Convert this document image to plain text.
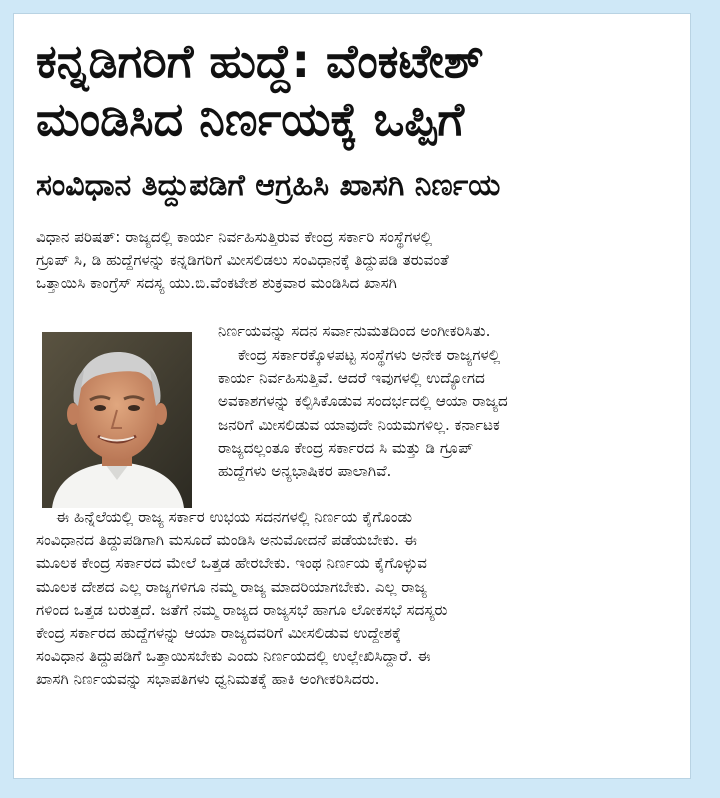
ಕನ್ನಡಿಗರಿಗೆ ಹುದ್ದೆ: ವೆಂಕಟೇಶ್
ಮಂಡಿಸಿದ ನಿರ್ಣಯಕ್ಕೆ ಒಪ್ಪಿಗೆ
ಸಂವಿಧಾನ ತಿದ್ದುಪಡಿಗೆ ಆಗ್ರಹಿಸಿ ಖಾಸಗಿ ನಿರ್ಣಯ
ವಿಧಾನ ಪರಿಷತ್: ರಾಜ್ಯದಲ್ಲಿ ಕಾರ್ಯ ನಿರ್ವಹಿಸುತ್ತಿರುವ ಕೇಂದ್ರ ಸರ್ಕಾರಿ ಸಂಸ್ಥೆಗಳಲ್ಲಿ
ಗ್ರೂಪ್ ಸಿ, ಡಿ ಹುದ್ದೆಗಳನ್ನು ಕನ್ನಡಿಗರಿಗೆ ಮೀಸಲಿಡಲು ಸಂವಿಧಾನಕ್ಕೆ ತಿದ್ದುಪಡಿ ತರುವಂತೆ
ಒತ್ತಾಯಿಸಿ ಕಾಂಗ್ರೆಸ್ ಸದಸ್ಯ ಯು.ಬಿ.ವೆಂಕಟೇಶ ಶುಕ್ರವಾರ ಮಂಡಿಸಿದ ಖಾಸಗಿ
ನಿರ್ಣಯವನ್ನು ಸದನ ಸರ್ವಾನುಮತದಿಂದ ಅಂಗೀಕರಿಸಿತು.
ಕೇಂದ್ರ ಸರ್ಕಾರಕ್ಕೊಳಪಟ್ಟ ಸಂಸ್ಥೆಗಳು ಅನೇಕ ರಾಜ್ಯಗಳಲ್ಲಿ
ಕಾರ್ಯ ನಿರ್ವಹಿಸುತ್ತಿವೆ. ಆದರೆ ಇವುಗಳಲ್ಲಿ ಉದ್ಯೋಗದ
ಅವಕಾಶಗಳನ್ನು ಕಲ್ಪಿಸಿಕೊಡುವ ಸಂದರ್ಭದಲ್ಲಿ ಆಯಾ ರಾಜ್ಯದ
ಜನರಿಗೆ ಮೀಸಲಿಡುವ ಯಾವುದೇ ನಿಯಮಗಳಿಲ್ಲ. ಕರ್ನಾಟಕ
ರಾಜ್ಯದಲ್ಲಂತೂ ಕೇಂದ್ರ ಸರ್ಕಾರದ ಸಿ ಮತ್ತು ಡಿ ಗ್ರೂಪ್
ಹುದ್ದೆಗಳು ಅನ್ಯಭಾಷಿಕರ ಪಾಲಾಗಿವೆ.
ಈ ಹಿನ್ನೆಲೆಯಲ್ಲಿ ರಾಜ್ಯ ಸರ್ಕಾರ ಉಭಯ ಸದನಗಳಲ್ಲಿ ನಿರ್ಣಯ ಕೈಗೊಂಡು
ಸಂವಿಧಾನದ ತಿದ್ದುಪಡಿಗಾಗಿ ಮಸೂದೆ ಮಂಡಿಸಿ ಅನುಮೋದನೆ ಪಡೆಯಬೇಕು. ಈ
ಮೂಲಕ ಕೇಂದ್ರ ಸರ್ಕಾರದ ಮೇಲೆ ಒತ್ತಡ ಹೇರಬೇಕು. ಇಂಥ ನಿರ್ಣಯ ಕೈಗೊಳ್ಳುವ
ಮೂಲಕ ದೇಶದ ಎಲ್ಲ ರಾಜ್ಯಗಳಿಗೂ ನಮ್ಮ ರಾಜ್ಯ ಮಾದರಿಯಾಗಬೇಕು. ಎಲ್ಲ ರಾಜ್ಯ
ಗಳಿಂದ ಒತ್ತಡ ಬರುತ್ತದೆ. ಜತೆಗೆ ನಮ್ಮ ರಾಜ್ಯದ ರಾಜ್ಯಸಭೆ ಹಾಗೂ ಲೋಕಸಭೆ ಸದಸ್ಯರು
ಕೇಂದ್ರ ಸರ್ಕಾರದ ಹುದ್ದೆಗಳನ್ನು ಆಯಾ ರಾಜ್ಯದವರಿಗೆ ಮೀಸಲಿಡುವ ಉದ್ದೇಶಕ್ಕೆ
ಸಂವಿಧಾನ ತಿದ್ದುಪಡಿಗೆ ಒತ್ತಾಯಿಸಬೇಕು ಎಂದು ನಿರ್ಣಯದಲ್ಲಿ ಉಲ್ಲೇಖಿಸಿದ್ದಾರೆ. ಈ
ಖಾಸಗಿ ನಿರ್ಣಯವನ್ನು ಸಭಾಪತಿಗಳು ಧ್ವನಿಮತಕ್ಕೆ ಹಾಕಿ ಅಂಗೀಕರಿಸಿದರು.
